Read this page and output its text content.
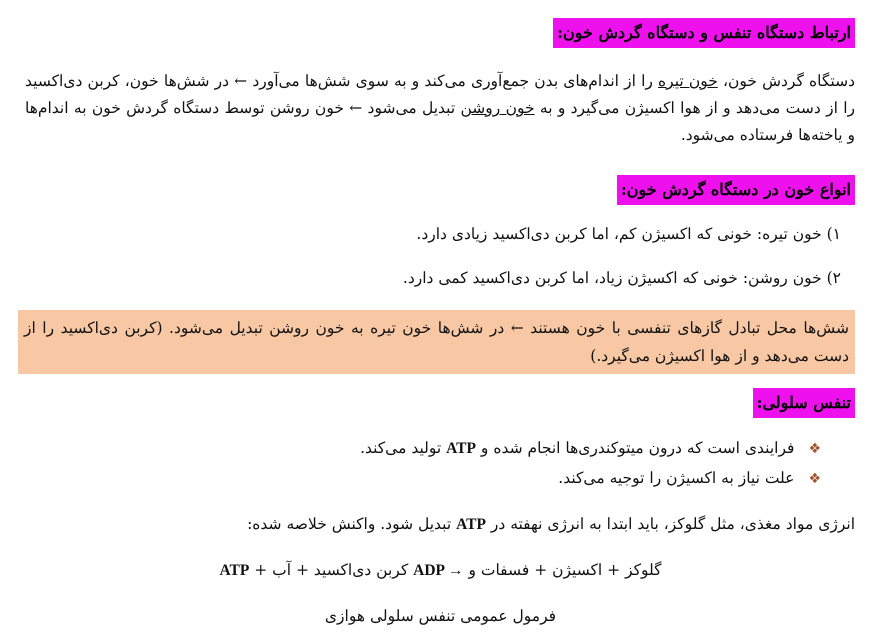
ارتباط دستگاه تنفس و دستگاه گردش خون:
دستگاه گردش خون، خون تیره را از اندام‌های بدن جمع‌آوری می‌کند و به سوی شش‌ها می‌آورد ← در شش‌ها خون، کربن دی‌اکسید را از دست می‌دهد و از هوا اکسیژن می‌گیرد و به خون روشن تبدیل می‌شود ← خون روشن توسط دستگاه گردش خون به اندام‌ها و یاخته‌ها فرستاده می‌شود.
انواع خون در دستگاه گردش خون:
۱) خون تیره: خونی که اکسیژن کم، اما کربن دی‌اکسید زیادی دارد.
۲) خون روشن: خونی که اکسیژن زیاد، اما کربن دی‌اکسید کمی دارد.
شش‌ها محل تبادل گازهای تنفسی با خون هستند ← در شش‌ها خون تیره به خون روشن تبدیل می‌شود. (کربن دی‌اکسید را از دست می‌دهد و از هوا اکسیژن می‌گیرد.)
تنفس سلولی:
❖فرایندی است که درون میتوکندری‌ها انجام شده و ATP تولید می‌کند.
❖علت نیاز به اکسیژن را توجیه می‌کند.
انرژی مواد مغذی، مثل گلوکز، باید ابتدا به انرژی نهفته در ATP تبدیل شود. واکنش خلاصه شده:
گلوکز + اکسیژن + فسفات و ADP → کربن دی‌اکسید + آب + ATP
فرمول عمومی تنفس سلولی هوازی
